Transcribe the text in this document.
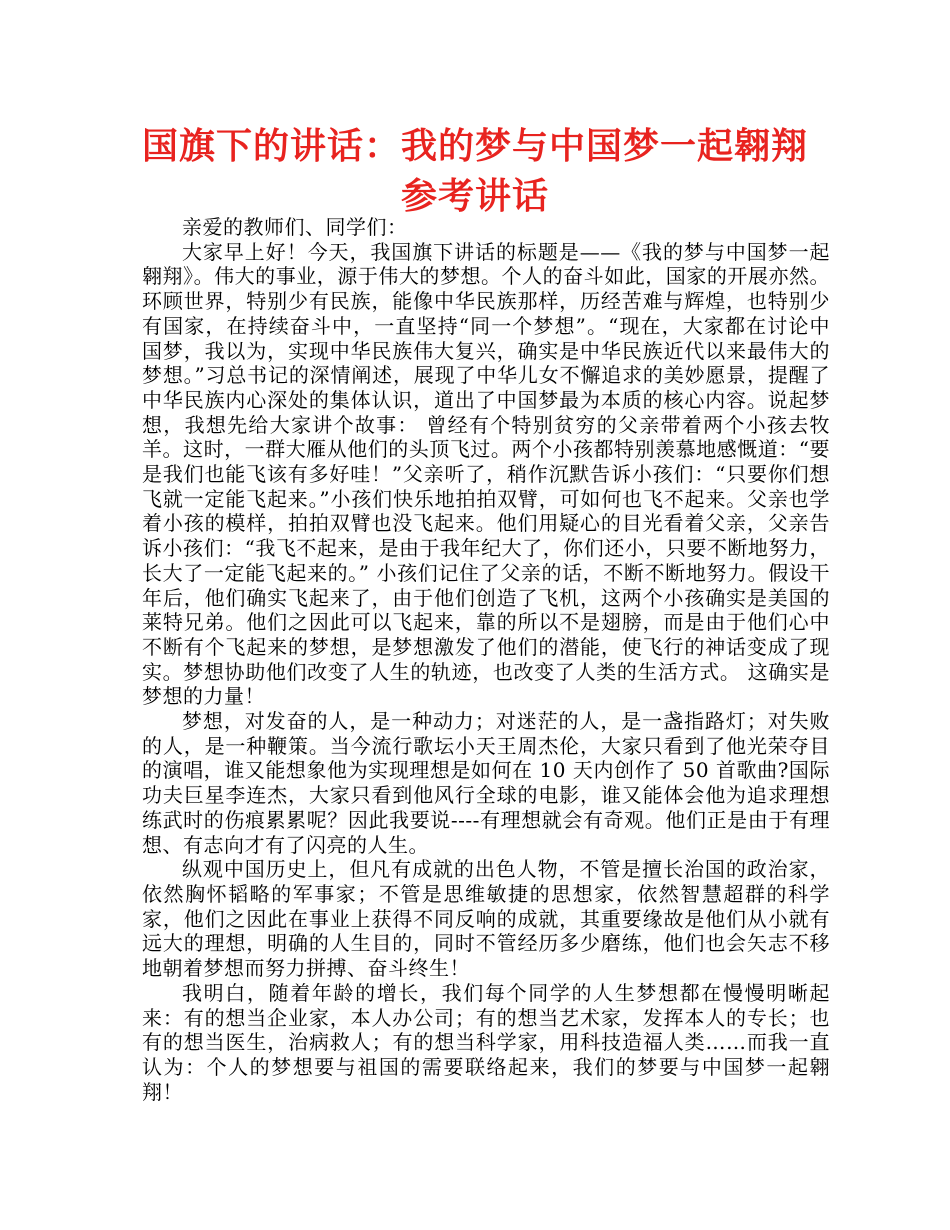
国旗下的讲话：我的梦与中国梦一起翱翔
参考讲话

亲爱的教师们、同学们：

大家早上好！今天，我国旗下讲话的标题是——《我的梦与中国梦一起翱翔》。伟大的事业，源于伟大的梦想。个人的奋斗如此，国家的开展亦然。环顾世界，特别少有民族，能像中华民族那样，历经苦难与辉煌，也特别少有国家，在持续奋斗中，一直坚持“同一个梦想”。“现在，大家都在讨论中国梦，我以为，实现中华民族伟大复兴，确实是中华民族近代以来最伟大的梦想。”习总书记的深情阐述，展现了中华儿女不懈追求的美妙愿景，提醒了中华民族内心深处的集体认识，道出了中国梦最为本质的核心内容。说起梦想，我想先给大家讲个故事： 曾经有个特别贫穷的父亲带着两个小孩去牧羊。这时，一群大雁从他们的头顶飞过。两个小孩都特别羡慕地感慨道：“要是我们也能飞该有多好哇！”父亲听了，稍作沉默告诉小孩们：“只要你们想飞就一定能飞起来。”小孩们快乐地拍拍双臂，可如何也飞不起来。父亲也学着小孩的模样，拍拍双臂也没飞起来。他们用疑心的目光看着父亲，父亲告诉小孩们：“我飞不起来，是由于我年纪大了，你们还小，只要不断地努力，长大了一定能飞起来的。” 小孩们记住了父亲的话，不断不断地努力。假设干年后，他们确实飞起来了，由于他们创造了飞机，这两个小孩确实是美国的莱特兄弟。他们之因此可以飞起来，靠的所以不是翅膀，而是由于他们心中不断有个飞起来的梦想，是梦想激发了他们的潜能，使飞行的神话变成了现实。梦想协助他们改变了人生的轨迹，也改变了人类的生活方式。 这确实是梦想的力量！

梦想，对发奋的人，是一种动力；对迷茫的人，是一盏指路灯；对失败的人，是一种鞭策。当今流行歌坛小天王周杰伦，大家只看到了他光荣夺目的演唱，谁又能想象他为实现理想是如何在 10 天内创作了 50 首歌曲?国际功夫巨星李连杰，大家只看到他风行全球的电影，谁又能体会他为追求理想练武时的伤痕累累呢？因此我要说----有理想就会有奇观。他们正是由于有理想、有志向才有了闪亮的人生。

纵观中国历史上，但凡有成就的出色人物，不管是擅长治国的政治家，依然胸怀韬略的军事家；不管是思维敏捷的思想家，依然智慧超群的科学家，他们之因此在事业上获得不同反响的成就，其重要缘故是他们从小就有远大的理想，明确的人生目的，同时不管经历多少磨练，他们也会矢志不移地朝着梦想而努力拼搏、奋斗终生！

我明白，随着年龄的增长，我们每个同学的人生梦想都在慢慢明晰起来：有的想当企业家，本人办公司；有的想当艺术家，发挥本人的专长；也有的想当医生，治病救人；有的想当科学家，用科技造福人类……而我一直认为：个人的梦想要与祖国的需要联络起来，我们的梦要与中国梦一起翱翔！
